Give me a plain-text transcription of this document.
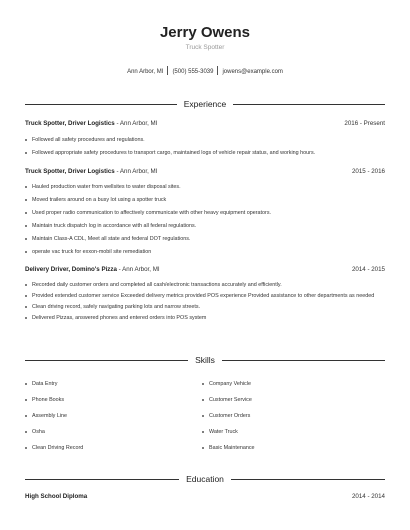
Jerry Owens
Truck Spotter
Ann Arbor, MI (500) 555-3039 jowens@example.com
Experience
Truck Spotter, Driver Logistics - Ann Arbor, MI	2016 - Present
Followed all safety procedures and regulations.
Followed appropriate safety procedures to transport cargo, maintained logs of vehicle repair status, and working hours.
Truck Spotter, Driver Logistics - Ann Arbor, MI	2015 - 2016
Hauled production water from wellsites to water disposal sites.
Moved trailers around on a busy lot using a spotter truck
Used proper radio communication to affectively communicate with other heavy equipment operators.
Maintain truck dispatch log in accordance with all federal regulations.
Maintain Class-A CDL, Meet all state and federal DOT regulations.
operate vac truck for exxon-mobil site remediation
Delivery Driver, Domino's Pizza - Ann Arbor, MI	2014 - 2015
Recorded daily customer orders and completed all cash/electronic transactions accurately and efficiently.
Provided extended customer service Exceeded delivery metrics provided POS experience Provided assistance to other departments as needed
Clean driving record, safely navigating parking lots and narrow streets.
Delivered Pizzas, answered phones and entered orders into POS system
Skills
Data Entry
Phone Books
Assembly Line
Osha
Clean Driving Record
Company Vehicle
Customer Service
Customer Orders
Water Truck
Basic Maintenance
Education
High School Diploma	2014 - 2014
